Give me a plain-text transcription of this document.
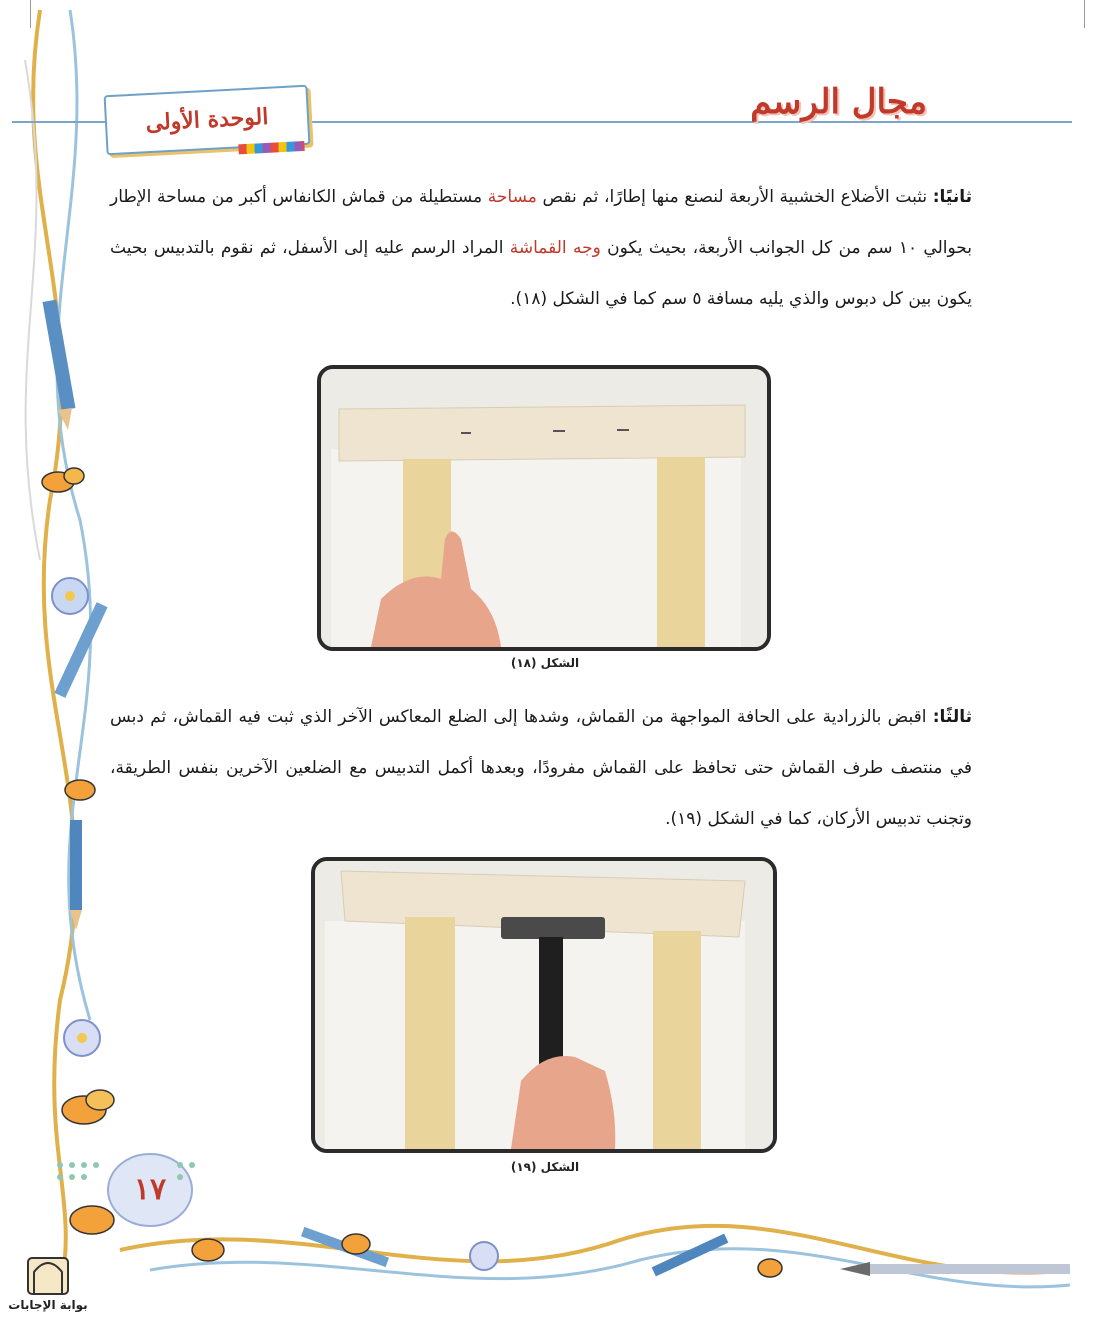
الوحدة الأولى	مجال الرسم
ثانيًا: نثبت الأضلاع الخشبية الأربعة لنصنع منها إطارًا، ثم نقص مساحة مستطيلة من قماش الكانفاس أكبر من مساحة الإطار بحوالي ١٠ سم من كل الجوانب الأربعة، بحيث يكون وجه القماشة المراد الرسم عليه إلى الأسفل، ثم نقوم بالتدبيس بحيث يكون بين كل دبوس والذي يليه مسافة ٥ سم كما في الشكل (١٨).
الشكل (١٨)
ثالثًا: اقبض بالزرادية على الحافة المواجهة من القماش، وشدها إلى الضلع المعاكس الآخر الذي ثبت فيه القماش، ثم دبس في منتصف طرف القماش حتى تحافظ على القماش مفرودًا، وبعدها أكمل التدبيس مع الضلعين الآخرين بنفس الطريقة، وتجنب تدبيس الأركان، كما في الشكل (١٩).
الشكل (١٩)
١٧
بوابة الإجابات
